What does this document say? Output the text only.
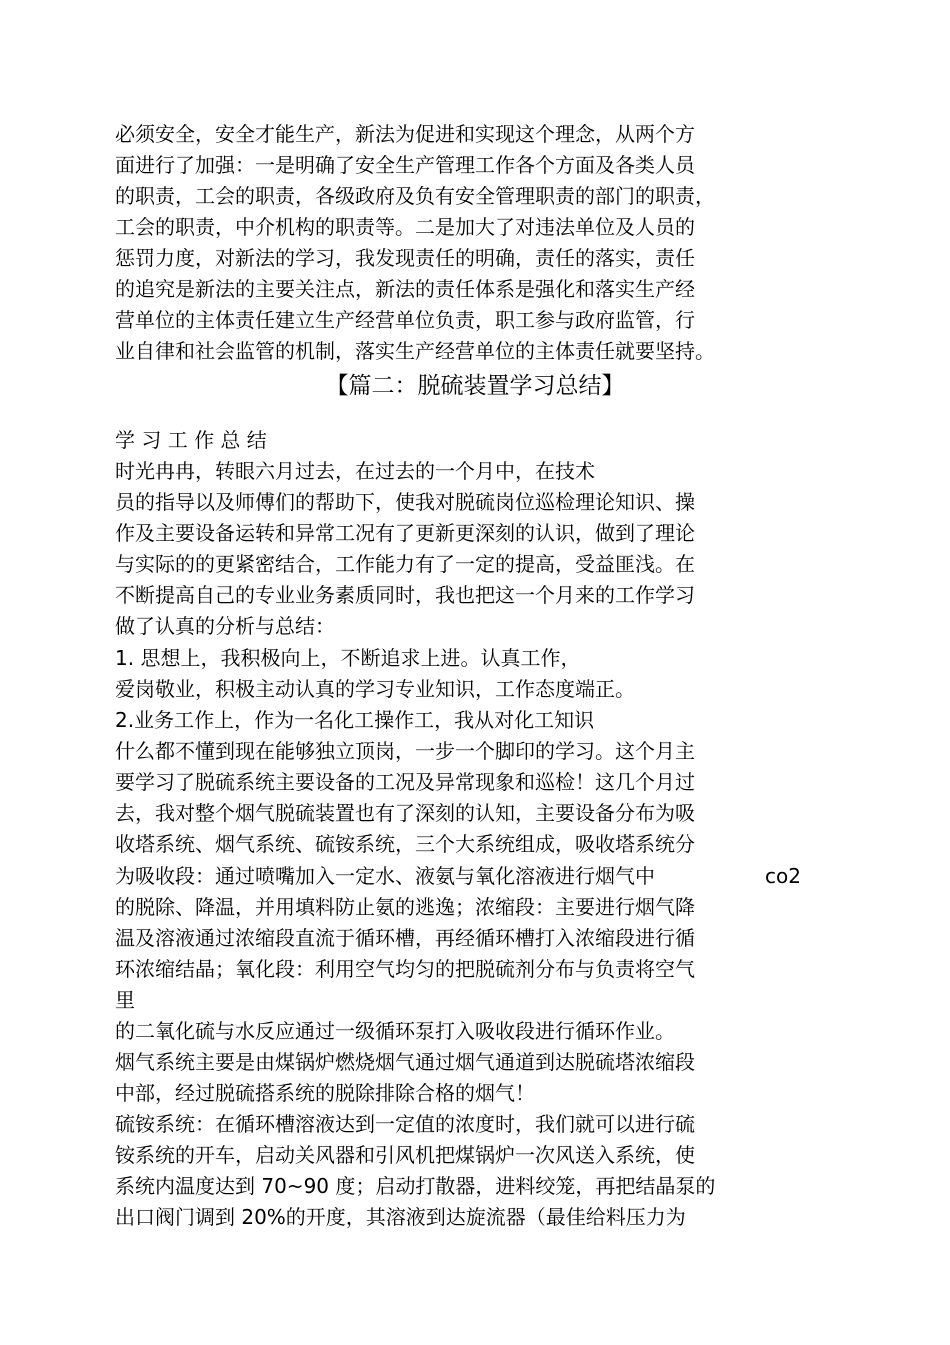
必须安全，安全才能生产，新法为促进和实现这个理念，从两个方

面进行了加强：一是明确了安全生产管理工作各个方面及各类人员

的职责，工会的职责，各级政府及负有安全管理职责的部门的职责，

工会的职责，中介机构的职责等。二是加大了对违法单位及人员的

惩罚力度，对新法的学习，我发现责任的明确，责任的落实，责任

的追究是新法的主要关注点，新法的责任体系是强化和落实生产经

营单位的主体责任建立生产经营单位负责，职工参与政府监管，行

业自律和社会监管的机制，落实生产经营单位的主体责任就要坚持。

【篇二：脱硫装置学习总结】

学 习 工 作 总 结

时光冉冉，转眼六月过去，在过去的一个月中，在技术

员的指导以及师傅们的帮助下，使我对脱硫岗位巡检理论知识、操

作及主要设备运转和异常工况有了更新更深刻的认识，做到了理论

与实际的的更紧密结合，工作能力有了一定的提高，受益匪浅。在

不断提高自己的专业业务素质同时，我也把这一个月来的工作学习

做了认真的分析与总结：

1. 思想上，我积极向上，不断追求上进。认真工作，

爱岗敬业，积极主动认真的学习专业知识，工作态度端正。

2.业务工作上，作为一名化工操作工，我从对化工知识

什么都不懂到现在能够独立顶岗，一步一个脚印的学习。这个月主

要学习了脱硫系统主要设备的工况及异常现象和巡检！这几个月过

去，我对整个烟气脱硫装置也有了深刻的认知，主要设备分布为吸

收塔系统、烟气系统、硫铵系统，三个大系统组成，吸收塔系统分

为吸收段：通过喷嘴加入一定水、液氨与氧化溶液进行烟气中	co2

的脱除、降温，并用填料防止氨的逃逸；浓缩段：主要进行烟气降

温及溶液通过浓缩段直流于循环槽，再经循环槽打入浓缩段进行循

环浓缩结晶；氧化段：利用空气均匀的把脱硫剂分布与负责将空气

里

的二氧化硫与水反应通过一级循环泵打入吸收段进行循环作业。

烟气系统主要是由煤锅炉燃烧烟气通过烟气通道到达脱硫塔浓缩段

中部，经过脱硫搭系统的脱除排除合格的烟气！

硫铵系统：在循环槽溶液达到一定值的浓度时，我们就可以进行硫

铵系统的开车，启动关风器和引风机把煤锅炉一次风送入系统，使

系统内温度达到 70~90 度；启动打散器，进料绞笼，再把结晶泵的

出口阀门调到 20%的开度，其溶液到达旋流器（最佳给料压力为
